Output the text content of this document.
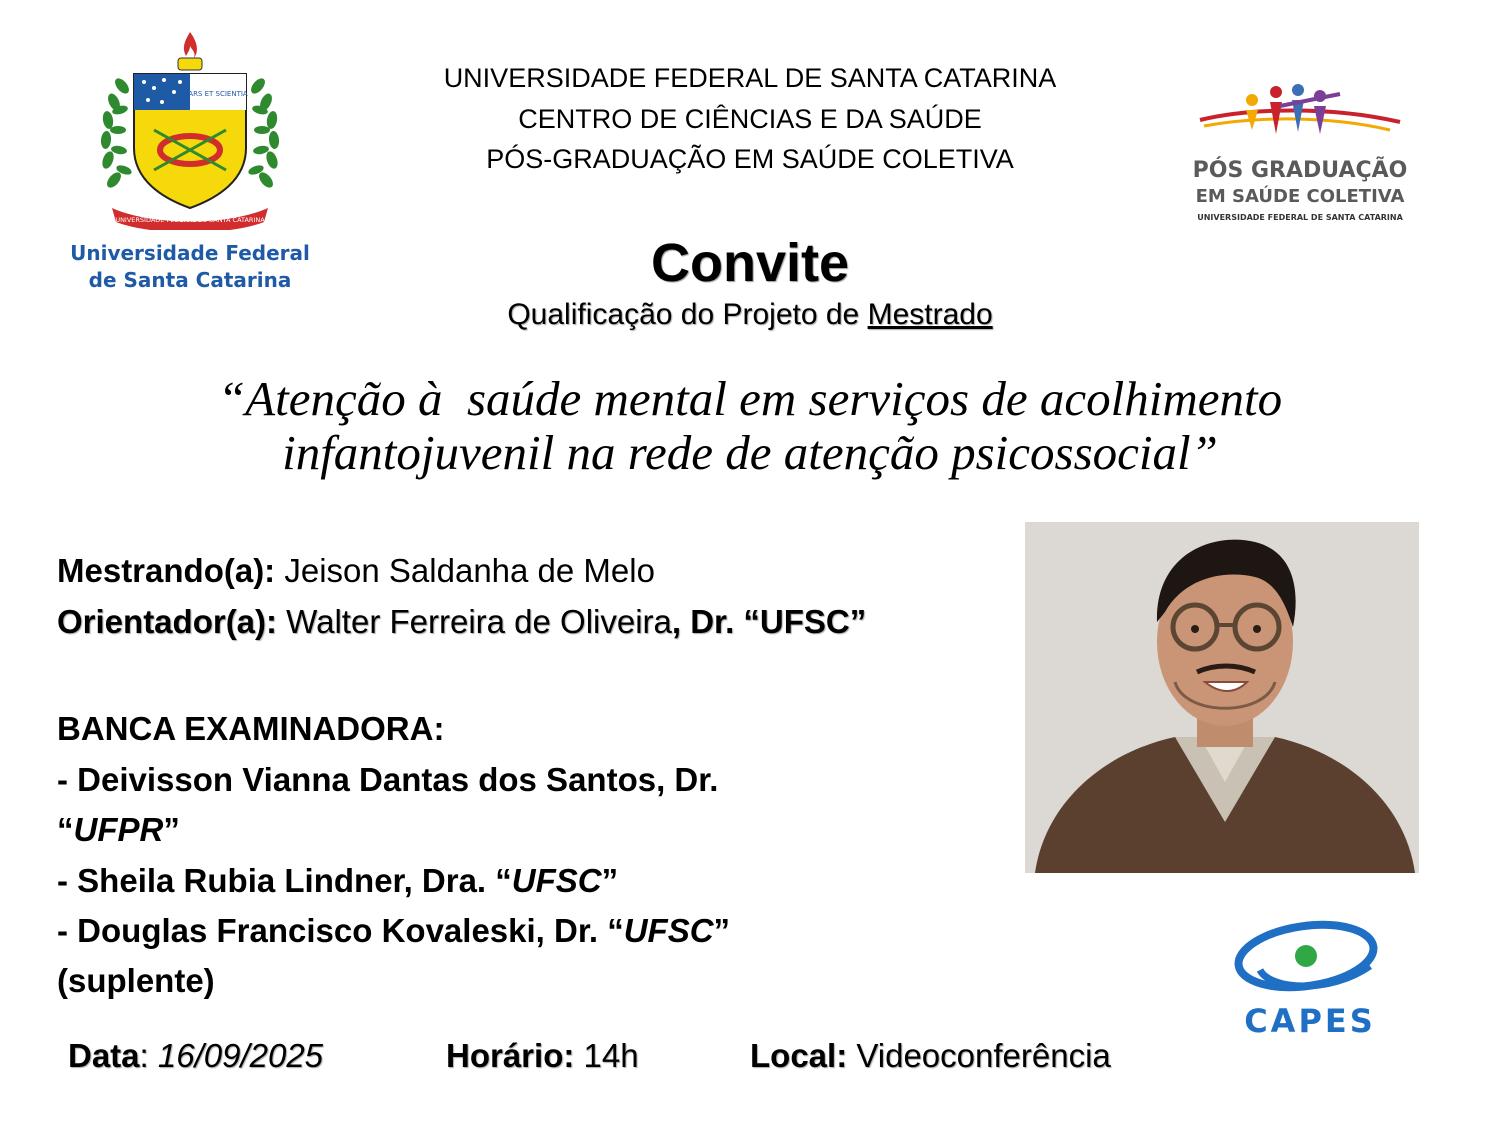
ARS ET SCIENTIA
UNIVERSIDADE FEDERAL DE SANTA CATARINA
Universidade Federal
de Santa Catarina
UNIVERSIDADE FEDERAL DE SANTA CATARINA
CENTRO DE CIÊNCIAS E DA SAÚDE
PÓS-GRADUAÇÃO EM SAÚDE COLETIVA	PÓS GRADUAÇÃO
EM SAÚDE COLETIVA
UNIVERSIDADE FEDERAL DE SANTA CATARINA
Convite
Qualificação do Projeto de Mestrado
“Atenção à  saúde mental em serviços de acolhimento
infantojuvenil na rede de atenção psicossocial”
Mestrando(a): Jeison Saldanha de Melo
Orientador(a): Walter Ferreira de Oliveira, Dr. “UFSC”
BANCA EXAMINADORA:
- Deivisson Vianna Dantas dos Santos, Dr.
“UFPR”
- Sheila Rubia Lindner, Dra. “UFSC”
- Douglas Francisco Kovaleski, Dr. “UFSC”
(suplente)
CAPES
Data: 16/09/2025	Horário: 14h	Local: Videoconferência
